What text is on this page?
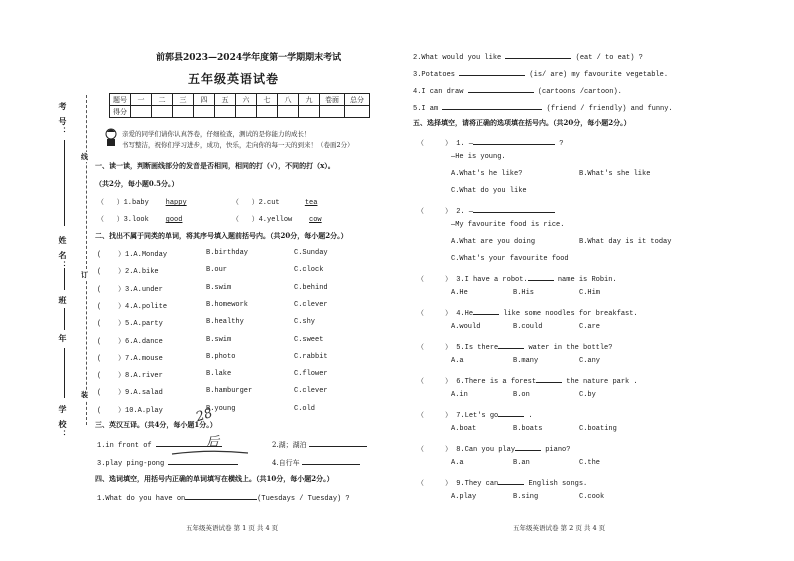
考 号：
姓 名：
班
年
学 校：
线
订
装
前郭县2023—2024学年度第一学期期末考试
五年级英语试卷
题号	一	二	三	四	五	六	七	八	九	卷面	总分
得分											
亲爱的同学们请你认真答卷，仔细检查，测试的是你能力的成长！
书写整洁，祝你们学习进步，成功，快乐，走向你的每一天的到来！（卷面2分）
一、读一读，判断画线部分的发音是否相同，相同的打（√），不同的打（x）。
（共2分，每小题0.5分。）
（ ）1.baby happy	（ ）2.cut	tea
（ ）3.look good	（ ）4.yellow cow
二、找出不属于同类的单词，将其序号填入题前括号内。（共20分，每小题2分。）
(    ）1.A.Monday	B.birthday	C.Sunday
(    ）2.A.bike	B.our	C.clock
(    ）3.A.under	B.swim	C.behind
(    ）4.A.polite	B.homework	C.clever
(    ）5.A.party	B.healthy	C.shy
(    ）6.A.dance	B.swim	C.sweet
(    ）7.A.mouse	B.photo	C.rabbit
(    ）8.A.river	B.lake	C.flower
(    ）9.A.salad	B.hamburger	C.clever
(    ）10.A.play	B.young	C.old
三、英汉互译。（共4分，每小题1分。）
28
后
1.in front of	2.湖；湖泊
3.play ping-pong	4.自行车
四、选词填空，用括号内正确的单词填写在横线上。（共10分，每小题2分。）
1.What do you have on	(Tuesdays / Tuesday) ?
五年级英语试卷 第 1 页 共 4 页
2.What would you like	(eat / to eat) ?
3.Potatoes	(is/ are) my favourite vegetable.
4.I can draw	(cartoons /cartoon).
5.I am	(friend / friendly) and funny.
五、选择填空，请将正确的选项填在括号内。（共20分，每小题2分。）
（	） 1. —	?
—He is young.
A.What's he like?	B.What's she like
C.What do you like
（	） 2. —
—My favourite food is rice.
A.What are you doing	B.What day is it today
C.What's your favourite food
（	） 3.I have a robot.	name is Robin.
A.He	B.His	C.Him
（	） 4.He	like some noodles for breakfast.
A.would	B.could	C.are
（	） 5.Is there	water in the bottle?
A.a	B.many	C.any
（	） 6.There is a forest	the nature park .
A.in	B.on	C.by
（	） 7.Let's go	.
A.boat	B.boats	C.boating
（	） 8.Can you play	piano?
A.a	B.an	C.the
（	） 9.They can	English songs.
A.play	B.sing	C.cook
五年级英语试卷 第 2 页 共 4 页
